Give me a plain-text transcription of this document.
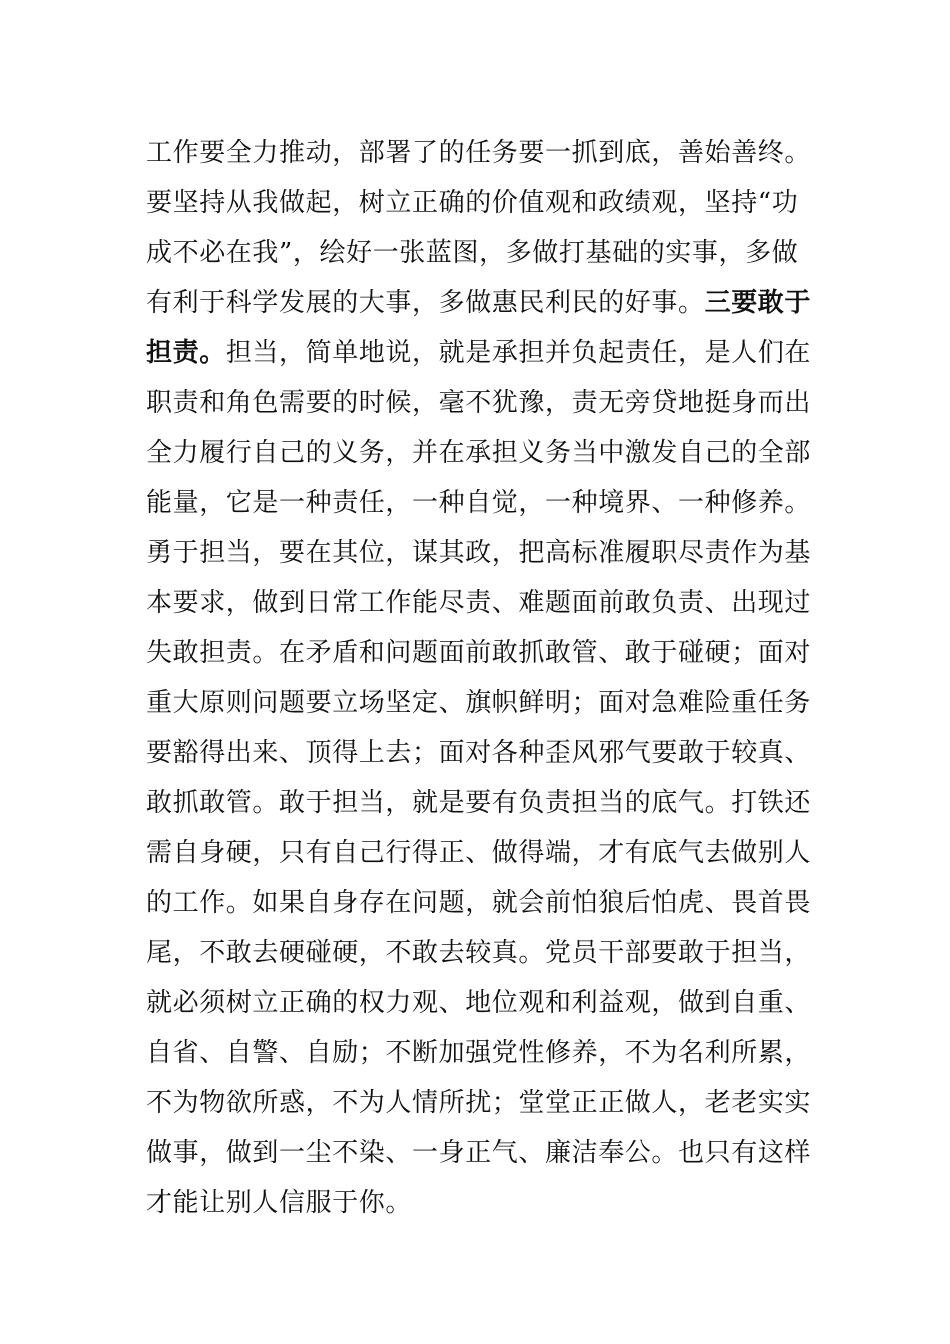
工作要全力推动，部署了的任务要一抓到底，善始善终。
要坚持从我做起，树立正确的价值观和政绩观，坚持“功
成不必在我”，绘好一张蓝图，多做打基础的实事，多做
有利于科学发展的大事，多做惠民利民的好事。三要敢于
担责。担当，简单地说，就是承担并负起责任，是人们在
职责和角色需要的时候，毫不犹豫，责无旁贷地挺身而出
全力履行自己的义务，并在承担义务当中激发自己的全部
能量，它是一种责任，一种自觉，一种境界、一种修养。
勇于担当，要在其位，谋其政，把高标准履职尽责作为基
本要求，做到日常工作能尽责、难题面前敢负责、出现过
失敢担责。在矛盾和问题面前敢抓敢管、敢于碰硬；面对
重大原则问题要立场坚定、旗帜鲜明；面对急难险重任务
要豁得出来、顶得上去；面对各种歪风邪气要敢于较真、
敢抓敢管。敢于担当，就是要有负责担当的底气。打铁还
需自身硬，只有自己行得正、做得端，才有底气去做别人
的工作。如果自身存在问题，就会前怕狼后怕虎、畏首畏
尾，不敢去硬碰硬，不敢去较真。党员干部要敢于担当，
就必须树立正确的权力观、地位观和利益观，做到自重、
自省、自警、自励；不断加强党性修养，不为名利所累，
不为物欲所惑，不为人情所扰；堂堂正正做人，老老实实
做事，做到一尘不染、一身正气、廉洁奉公。也只有这样
才能让别人信服于你。
